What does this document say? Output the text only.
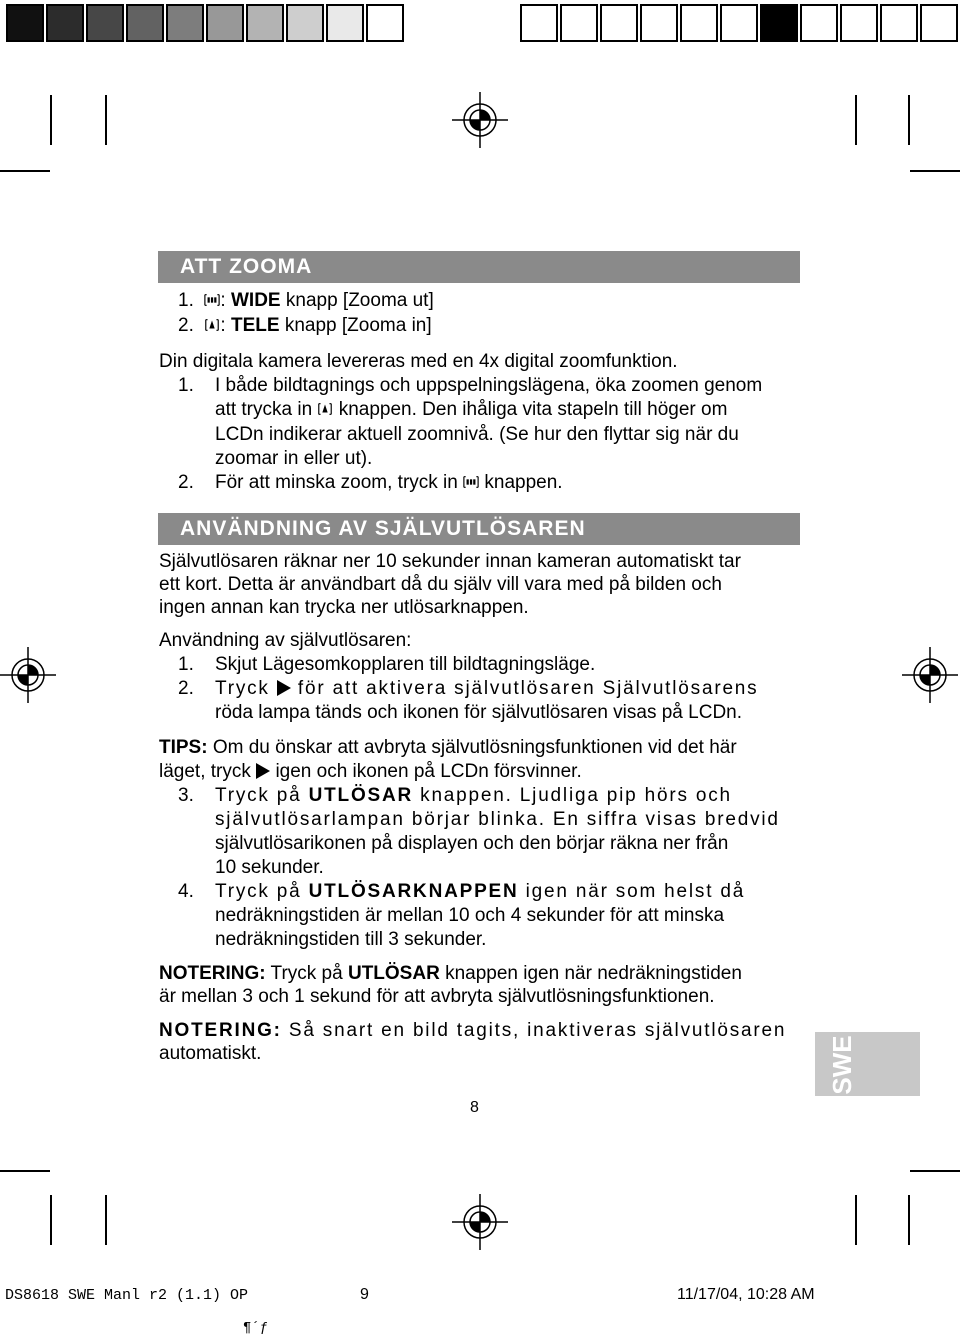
ATT ZOOMA
1. : WIDE knapp [Zooma ut]
2. : TELE knapp [Zooma in]
Din digitala kamera levereras med en 4x digital zoomfunktion.
1. I både bildtagnings och uppspelningslägena, öka zoomen genom
att trycka in knappen. Den ihåliga vita stapeln till höger om
LCDn indikerar aktuell zoomnivå. (Se hur den flyttar sig när du
zoomar in eller ut).
2. För att minska zoom, tryck in knappen.
ANVÄNDNING AV SJÄLVUTLÖSAREN
Självutlösaren räknar ner 10 sekunder innan kameran automatiskt tar
ett kort. Detta är användbart då du själv vill vara med på bilden och
ingen annan kan trycka ner utlösarknappen.
Användning av självutlösaren:
1. Skjut Lägesomkopplaren till bildtagningsläge.
2. Tryck för att aktivera självutlösaren Självutlösarens
röda lampa tänds och ikonen för självutlösaren visas på LCDn.
TIPS: Om du önskar att avbryta självutlösningsfunktionen vid det här
läget, tryck igen och ikonen på LCDn försvinner.
3. Tryck på UTLÖSAR knappen. Ljudliga pip hörs och
självutlösarlampan börjar blinka. En siffra visas bredvid
självutlösarikonen på displayen och den börjar räkna ner från
10 sekunder.
4. Tryck på UTLÖSARKNAPPEN igen när som helst då
nedräkningstiden är mellan 10 och 4 sekunder för att minska
nedräkningstiden till 3 sekunder.
NOTERING: Tryck på UTLÖSAR knappen igen när nedräkningstiden
är mellan 3 och 1 sekund för att avbryta självutlösningsfunktionen.
NOTERING: Så snart en bild tagits, inaktiveras självutlösaren
automatiskt.	SWE
8
DS8618 SWE Manl r2 (1.1) OP	9	11/17/04, 10:28 AM
¶´ƒ
